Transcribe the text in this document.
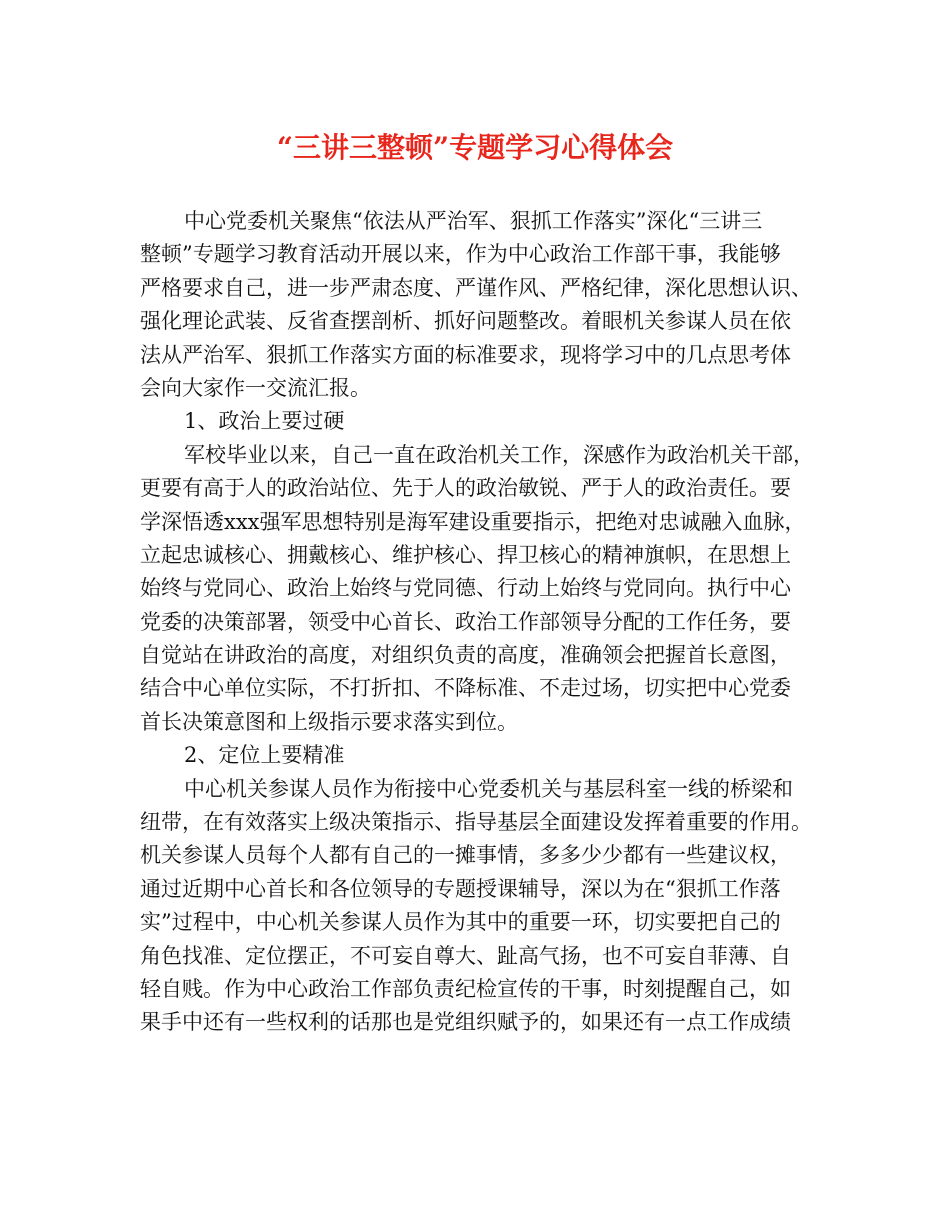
“三讲三整顿”专题学习心得体会
中心党委机关聚焦“依法从严治军、狠抓工作落实”深化“三讲三
整顿”专题学习教育活动开展以来，作为中心政治工作部干事，我能够
严格要求自己，进一步严肃态度、严谨作风、严格纪律，深化思想认识、
强化理论武装、反省查摆剖析、抓好问题整改。着眼机关参谋人员在依
法从严治军、狠抓工作落实方面的标准要求，现将学习中的几点思考体
会向大家作一交流汇报。
1、政治上要过硬
军校毕业以来，自己一直在政治机关工作，深感作为政治机关干部，
更要有高于人的政治站位、先于人的政治敏锐、严于人的政治责任。要
学深悟透xxx强军思想特别是海军建设重要指示，把绝对忠诚融入血脉，
立起忠诚核心、拥戴核心、维护核心、捍卫核心的精神旗帜，在思想上
始终与党同心、政治上始终与党同德、行动上始终与党同向。执行中心
党委的决策部署，领受中心首长、政治工作部领导分配的工作任务，要
自觉站在讲政治的高度，对组织负责的高度，准确领会把握首长意图，
结合中心单位实际，不打折扣、不降标准、不走过场，切实把中心党委
首长决策意图和上级指示要求落实到位。
2、定位上要精准
中心机关参谋人员作为衔接中心党委机关与基层科室一线的桥梁和
纽带，在有效落实上级决策指示、指导基层全面建设发挥着重要的作用。
机关参谋人员每个人都有自己的一摊事情，多多少少都有一些建议权，
通过近期中心首长和各位领导的专题授课辅导，深以为在“狠抓工作落
实”过程中，中心机关参谋人员作为其中的重要一环，切实要把自己的
角色找准、定位摆正，不可妄自尊大、趾高气扬，也不可妄自菲薄、自
轻自贱。作为中心政治工作部负责纪检宣传的干事，时刻提醒自己，如
果手中还有一些权利的话那也是党组织赋予的，如果还有一点工作成绩
